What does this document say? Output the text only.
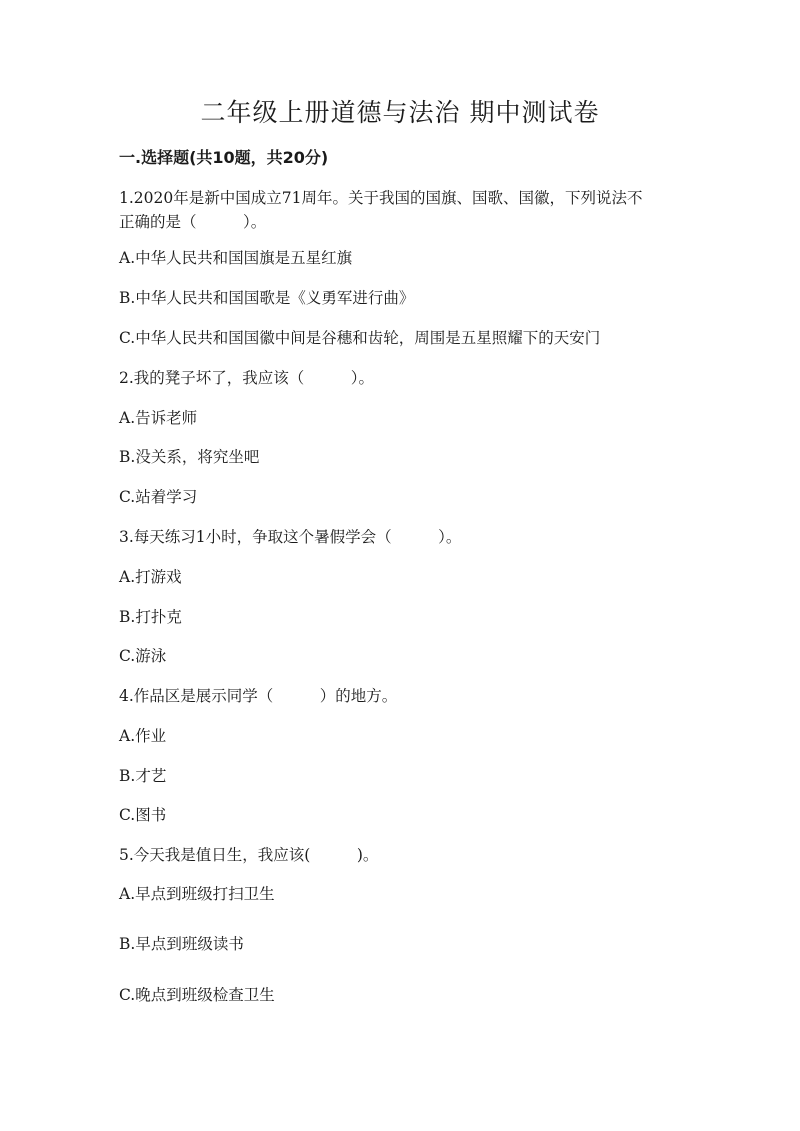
二年级上册道德与法治 期中测试卷
一.选择题(共10题，共20分)
1.2020年是新中国成立71周年。关于我国的国旗、国歌、国徽，下列说法不
正确的是（　　　）。
A.中华人民共和国国旗是五星红旗
B.中华人民共和国国歌是《义勇军进行曲》
C.中华人民共和国国徽中间是谷穗和齿轮，周围是五星照耀下的天安门
2.我的凳子坏了，我应该（　　　）。
A.告诉老师
B.没关系，将究坐吧
C.站着学习
3.每天练习1小时，争取这个暑假学会（　　　）。
A.打游戏
B.打扑克
C.游泳
4.作品区是展示同学（　　　）的地方。
A.作业
B.才艺
C.图书
5.今天我是值日生，我应该(　　　)。
A.早点到班级打扫卫生
B.早点到班级读书
C.晚点到班级检查卫生
